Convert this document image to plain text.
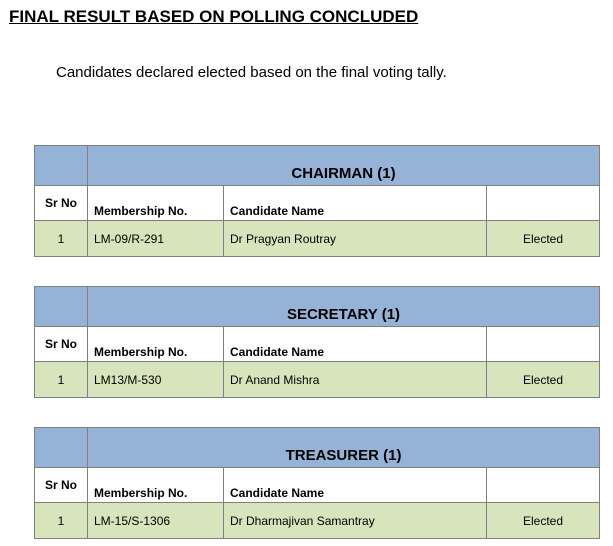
FINAL RESULT BASED ON POLLING CONCLUDED
Candidates declared elected based on the final voting tally.
	CHAIRMAN (1)		
Sr No	Membership No.	Candidate Name	
1	LM-09/R-291	Dr Pragyan Routray	Elected
	SECRETARY (1)		
Sr No	Membership No.	Candidate Name	
1	LM13/M-530	Dr Anand Mishra	Elected
	TREASURER (1)		
Sr No	Membership No.	Candidate Name	
1	LM-15/S-1306	Dr Dharmajivan Samantray	Elected
